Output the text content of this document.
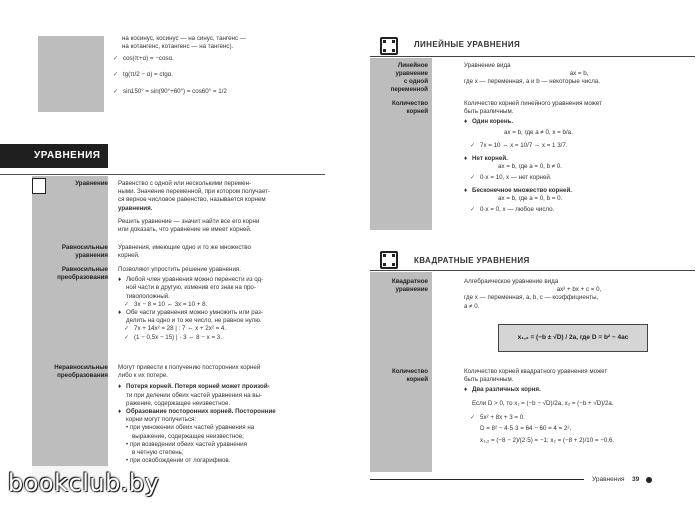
на косинус, косинус — на синус, тангенс —
на котангенс, котангенс — на тангенс).
✓ cos(π+α) = −cosα.
✓ tg(π/2 − α) = ctgα.
✓ sin150° = sin(90°+60°) = cos60° = 1/2
УРАВНЕНИЯ
Уравнение Равенство с одной или несколькими перемен-
ными. Значение переменной, при котором получает-
ся верное числовое равенство, называется корнем
уравнения.
Решить уравнение — значит найти все его корни
или доказать, что уравнение не имеет корней.
Равносильные
уравнения
Уравнения, имеющие одно и то же множество
корней.
Равносильные
преобразования
Позволяют упростить решение уравнения.
♦ Любой член уравнения можно перенести из од-
ной части в другую, изменив его знак на про-
тивоположный.
✓ 3x − 8 = 10 ⇔ 3x = 10 + 8.
♦ Обе части уравнения можно умножить или раз-
делить на одно и то же число, не равное нулю.
✓ 7x + 14x² = 28 | : 7 ⇔ x + 2x² = 4.
✓ (1 − 0,5x − 15) | · 3 ⇔ 8 − x = 3.
Неравносильные
преобразования
Могут привести к получению посторонних корней
либо к их потере.
♦ Потеря корней. Потеря корней может произой-
ти при делении обеих частей уравнения на вы-
ражение, содержащее неизвестное.
♦ Образование посторонних корней. Посторонние
корни могут получиться:
• при умножении обеих частей уравнения на
выражение, содержащее неизвестное;
• при возведении обеих частей уравнения
в четную степень;
• при освобождении от логарифмов.
bookclub.by
ЛИНЕЙНЫЕ УРАВНЕНИЯ
Линейное
уравнение
с одной
переменной
Уравнение вида
ax = b,
где x — переменная, a и b — некоторые числа.
Количество
корней
Количество корней линейного уравнения может
быть различным.
♦ Один корень.
ax = b, где a ≠ 0, x = b/a.
✓ 7x = 10 ⇔ x = 10/7 ⇔ x = 1 3/7.
♦ Нет корней.
ax = b, где a = 0, b ≠ 0.
✓ 0·x = 10, x — нет корней.
♦ Бесконечное множество корней.
ax = b, где a = 0, b = 0.
✓ 0·x = 0, x — любое число.
КВАДРАТНЫЕ УРАВНЕНИЯ
Квадратное
уравнение
Алгебраическое уравнение вида
ax² + bx + c = 0,
где x — переменная, a, b, c — коэффициенты,
a ≠ 0.
x₁,₂ = (−b ± √D) / 2a, где D = b² − 4ac
Количество
корней
Количество корней квадратного уравнения может
быть различным.
♦ Два различных корня.
Если D > 0, то x₁ = (−b − √D)/2a, x₂ = (−b + √D)/2a.
✓ 5x² + 8x + 3 = 0.
D = 8² − 4·5·3 = 64 − 60 = 4 = 2²,
x₁,₂ = (−8 − 2)/(2·5) = −1; x₂ = (−8 + 2)/10 = −0,6.
Уравнения 39
